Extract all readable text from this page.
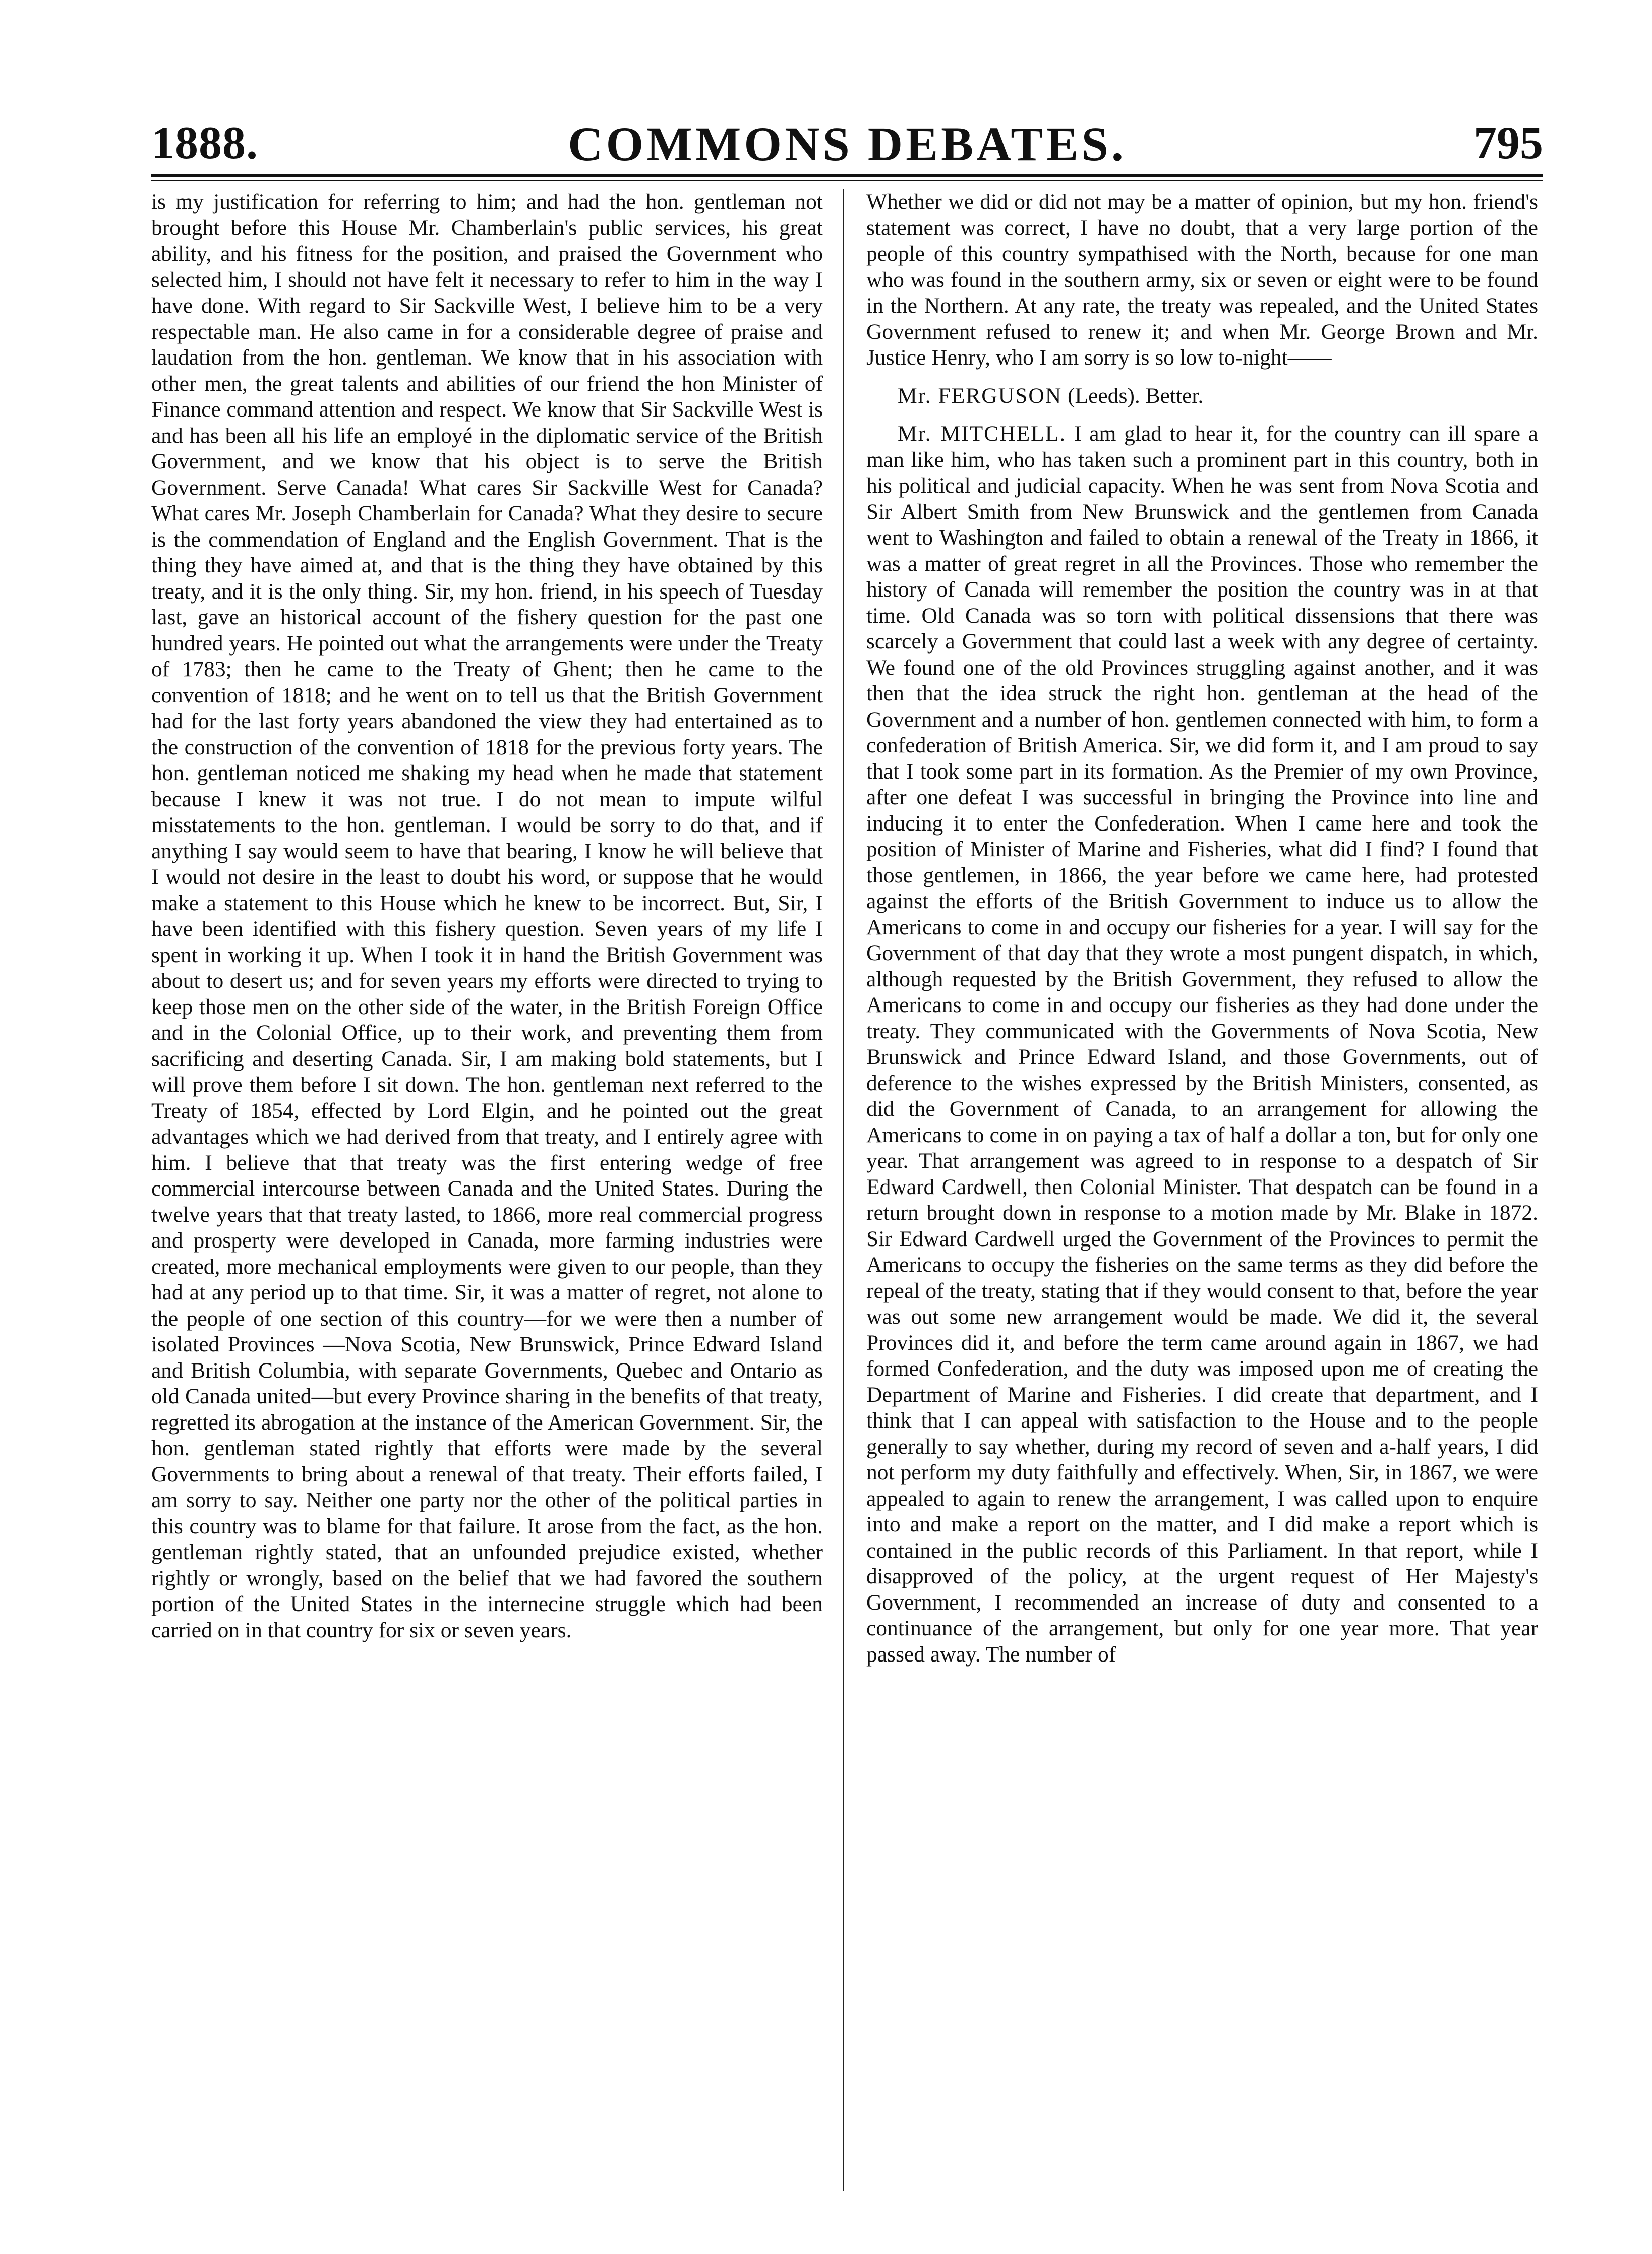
1888.	COMMONS DEBATES.	795

is my justification for referring to him; and had the hon. gentleman not brought before this House Mr. Chamberlain's public services, his great ability, and his fitness for the position, and praised the Government who selected him, I should not have felt it necessary to refer to him in the way I have done. With regard to Sir Sackville West, I believe him to be a very respectable man. He also came in for a considerable degree of praise and laudation from the hon. gentleman. We know that in his association with other men, the great talents and abilities of our friend the hon Minister of Finance command attention and respect. We know that Sir Sackville West is and has been all his life an employé in the diplomatic service of the British Government, and we know that his object is to serve the British Government. Serve Canada! What cares Sir Sackville West for Canada? What cares Mr. Joseph Chamberlain for Canada? What they desire to secure is the commendation of England and the English Government. That is the thing they have aimed at, and that is the thing they have obtained by this treaty, and it is the only thing. Sir, my hon. friend, in his speech of Tuesday last, gave an historical account of the fishery question for the past one hundred years. He pointed out what the arrangements were under the Treaty of 1783; then he came to the Treaty of Ghent; then he came to the convention of 1818; and he went on to tell us that the British Government had for the last forty years abandoned the view they had entertained as to the construction of the convention of 1818 for the previous forty years. The hon. gentleman noticed me shaking my head when he made that statement because I knew it was not true. I do not mean to impute wilful misstatements to the hon. gentleman. I would be sorry to do that, and if anything I say would seem to have that bearing, I know he will believe that I would not desire in the least to doubt his word, or suppose that he would make a statement to this House which he knew to be incorrect. But, Sir, I have been identified with this fishery question. Seven years of my life I spent in working it up. When I took it in hand the British Government was about to desert us; and for seven years my efforts were directed to trying to keep those men on the other side of the water, in the British Foreign Office and in the Colonial Office, up to their work, and preventing them from sacrificing and deserting Canada. Sir, I am making bold statements, but I will prove them before I sit down. The hon. gentleman next referred to the Treaty of 1854, effected by Lord Elgin, and he pointed out the great advantages which we had derived from that treaty, and I entirely agree with him. I believe that that treaty was the first entering wedge of free commercial intercourse between Canada and the United States. During the twelve years that that treaty lasted, to 1866, more real commercial progress and prosperty were developed in Canada, more farming industries were created, more mechanical employments were given to our people, than they had at any period up to that time. Sir, it was a matter of regret, not alone to the people of one section of this country—for we were then a number of isolated Provinces —Nova Scotia, New Brunswick, Prince Edward Island and British Columbia, with separate Governments, Quebec and Ontario as old Canada united—but every Province sharing in the benefits of that treaty, regretted its abrogation at the instance of the American Government. Sir, the hon. gentleman stated rightly that efforts were made by the several Governments to bring about a renewal of that treaty. Their efforts failed, I am sorry to say. Neither one party nor the other of the political parties in this country was to blame for that failure. It arose from the fact, as the hon. gentleman rightly stated, that an unfounded prejudice existed, whether rightly or wrongly, based on the belief that we had favored the southern portion of the United States in the internecine struggle which had been carried on in that country for six or seven years.

Whether we did or did not may be a matter of opinion, but my hon. friend's statement was correct, I have no doubt, that a very large portion of the people of this country sympathised with the North, because for one man who was found in the southern army, six or seven or eight were to be found in the Northern. At any rate, the treaty was repealed, and the United States Government refused to renew it; and when Mr. George Brown and Mr. Justice Henry, who I am sorry is so low to-night——

Mr. FERGUSON (Leeds). Better.

Mr. MITCHELL. I am glad to hear it, for the country can ill spare a man like him, who has taken such a prominent part in this country, both in his political and judicial capacity. When he was sent from Nova Scotia and Sir Albert Smith from New Brunswick and the gentlemen from Canada went to Washington and failed to obtain a renewal of the Treaty in 1866, it was a matter of great regret in all the Provinces. Those who remember the history of Canada will remember the position the country was in at that time. Old Canada was so torn with political dissensions that there was scarcely a Government that could last a week with any degree of certainty. We found one of the old Provinces struggling against another, and it was then that the idea struck the right hon. gentleman at the head of the Government and a number of hon. gentlemen connected with him, to form a confederation of British America. Sir, we did form it, and I am proud to say that I took some part in its formation. As the Premier of my own Province, after one defeat I was successful in bringing the Province into line and inducing it to enter the Confederation. When I came here and took the position of Minister of Marine and Fisheries, what did I find? I found that those gentlemen, in 1866, the year before we came here, had protested against the efforts of the British Government to induce us to allow the Americans to come in and occupy our fisheries for a year. I will say for the Government of that day that they wrote a most pungent dispatch, in which, although requested by the British Government, they refused to allow the Americans to come in and occupy our fisheries as they had done under the treaty. They communicated with the Governments of Nova Scotia, New Brunswick and Prince Edward Island, and those Governments, out of deference to the wishes expressed by the British Ministers, consented, as did the Government of Canada, to an arrangement for allowing the Americans to come in on paying a tax of half a dollar a ton, but for only one year. That arrangement was agreed to in response to a despatch of Sir Edward Cardwell, then Colonial Minister. That despatch can be found in a return brought down in response to a motion made by Mr. Blake in 1872. Sir Edward Cardwell urged the Government of the Provinces to permit the Americans to occupy the fisheries on the same terms as they did before the repeal of the treaty, stating that if they would consent to that, before the year was out some new arrangement would be made. We did it, the several Provinces did it, and before the term came around again in 1867, we had formed Confederation, and the duty was imposed upon me of creating the Department of Marine and Fisheries. I did create that department, and I think that I can appeal with satisfaction to the House and to the people generally to say whether, during my record of seven and a-half years, I did not perform my duty faithfully and effectively. When, Sir, in 1867, we were appealed to again to renew the arrangement, I was called upon to enquire into and make a report on the matter, and I did make a report which is contained in the public records of this Parliament. In that report, while I disapproved of the policy, at the urgent request of Her Majesty's Government, I recommended an increase of duty and consented to a continuance of the arrangement, but only for one year more. That year passed away. The number of
